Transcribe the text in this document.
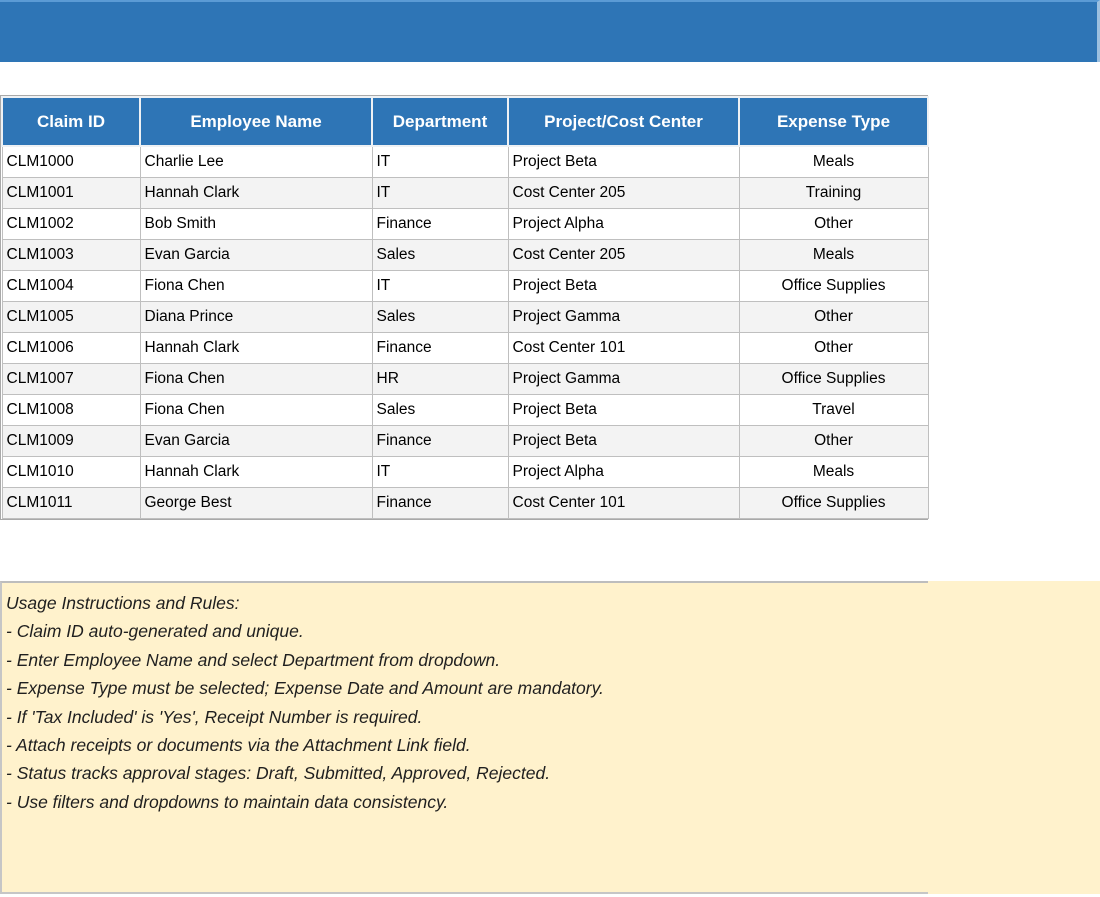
Claim ID	Employee Name	Department	Project/Cost Center	Expense Type
CLM1000	Charlie Lee	IT	Project Beta	Meals
CLM1001	Hannah Clark	IT	Cost Center 205	Training
CLM1002	Bob Smith	Finance	Project Alpha	Other
CLM1003	Evan Garcia	Sales	Cost Center 205	Meals
CLM1004	Fiona Chen	IT	Project Beta	Office Supplies
CLM1005	Diana Prince	Sales	Project Gamma	Other
CLM1006	Hannah Clark	Finance	Cost Center 101	Other
CLM1007	Fiona Chen	HR	Project Gamma	Office Supplies
CLM1008	Fiona Chen	Sales	Project Beta	Travel
CLM1009	Evan Garcia	Finance	Project Beta	Other
CLM1010	Hannah Clark	IT	Project Alpha	Meals
CLM1011	George Best	Finance	Cost Center 101	Office Supplies
Usage Instructions and Rules:
- Claim ID auto-generated and unique.
- Enter Employee Name and select Department from dropdown.
- Expense Type must be selected; Expense Date and Amount are mandatory.
- If 'Tax Included' is 'Yes', Receipt Number is required.
- Attach receipts or documents via the Attachment Link field.
- Status tracks approval stages: Draft, Submitted, Approved, Rejected.
- Use filters and dropdowns to maintain data consistency.
